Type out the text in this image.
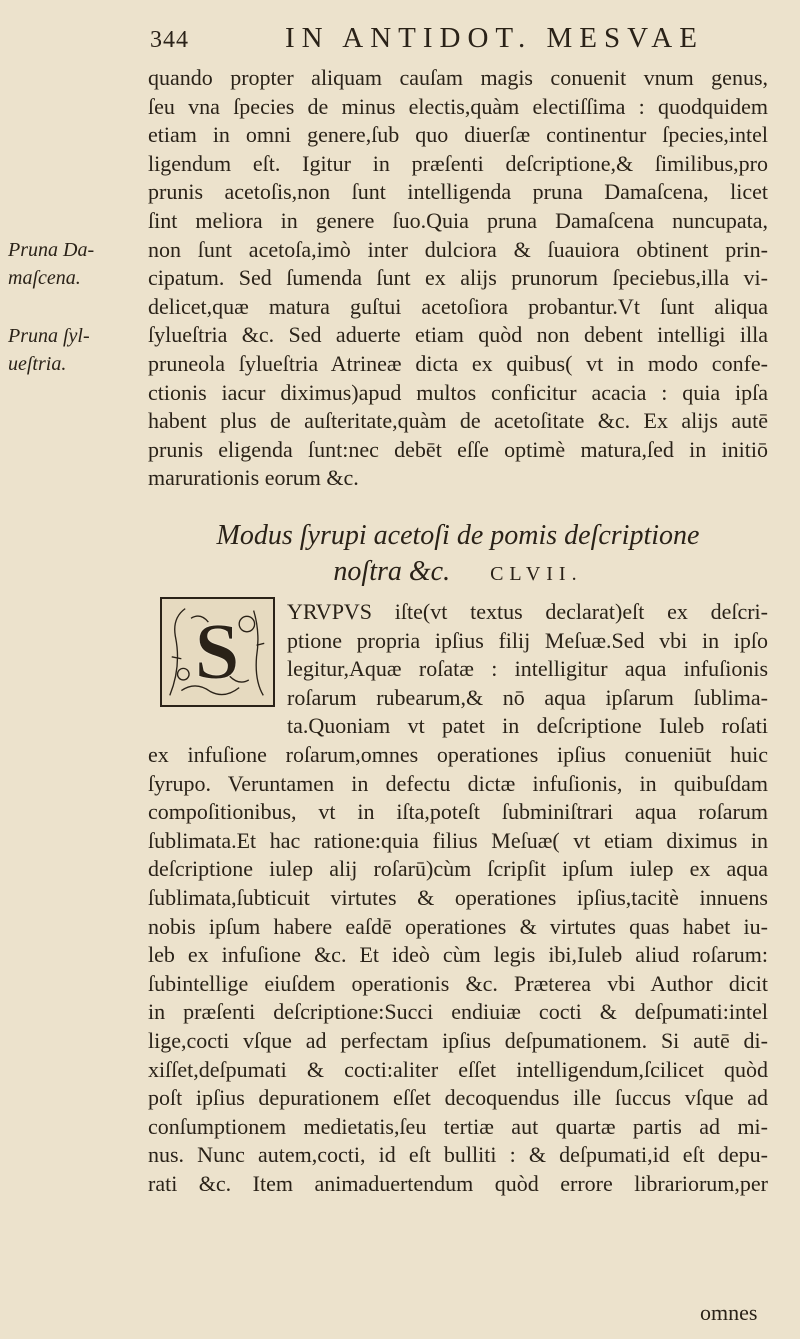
344	IN ANTIDOT. MESVAE
quando propter aliquam cauſam magis conuenit vnum genus,
ſeu vna ſpecies de minus electis,quàm electiſſima : quodquidem
etiam in omni genere,ſub quo diuerſæ continentur ſpecies,intel
ligendum eſt. Igitur in præſenti deſcriptione,& ſimilibus,pro
prunis acetoſis,non ſunt intelligenda pruna Damaſcena, licet
ſint meliora in genere ſuo.Quia pruna Damaſcena nuncupata,
non ſunt acetoſa,imò inter dulciora & ſuauiora obtinent prin-
cipatum. Sed ſumenda ſunt ex alijs prunorum ſpeciebus,illa vi-
delicet,quæ matura guſtui acetoſiora probantur.Vt ſunt aliqua
ſylueſtria &c. Sed aduerte etiam quòd non debent intelligi illa
pruneola ſylueſtria Atrineæ dicta ex quibus( vt in modo confe-
ctionis iacur diximus)apud multos conficitur acacia : quia ipſa
habent plus de auſteritate,quàm de acetoſitate &c. Ex alijs autē
prunis eligenda ſunt:nec debēt eſſe optimè matura,ſed in initiō
marurationis eorum &c.
Pruna Da-
maſcena.
Pruna ſyl-
ueſtria.
Modus ſyrupi acetoſi de pomis deſcriptione
noſtra &c. CLVII.
S YRVPVS iſte(vt textus declarat)eſt ex deſcri-
ptione propria ipſius filij Meſuæ.Sed vbi in ipſo
legitur,Aquæ roſatæ : intelligitur aqua infuſionis
roſarum rubearum,& nō aqua ipſarum ſublima-
ta.Quoniam vt patet in deſcriptione Iuleb roſati
ex infuſione roſarum,omnes operationes ipſius conueniūt huic
ſyrupo. Veruntamen in defectu dictæ infuſionis, in quibuſdam
compoſitionibus, vt in iſta,poteſt ſubminiſtrari aqua roſarum
ſublimata.Et hac ratione:quia filius Meſuæ( vt etiam diximus in
deſcriptione iulep alij roſarū)cùm ſcripſit ipſum iulep ex aqua
ſublimata,ſubticuit virtutes & operationes ipſius,tacitè innuens
nobis ipſum habere eaſdē operationes & virtutes quas habet iu-
leb ex infuſione &c. Et ideò cùm legis ibi,Iuleb aliud roſarum:
ſubintellige eiuſdem operationis &c. Præterea vbi Author dicit
in præſenti deſcriptione:Succi endiuiæ cocti & deſpumati:intel
lige,cocti vſque ad perfectam ipſius deſpumationem. Si autē di-
xiſſet,deſpumati & cocti:aliter eſſet intelligendum,ſcilicet quòd
poſt ipſius depurationem eſſet decoquendus ille ſuccus vſque ad
conſumptionem medietatis,ſeu tertiæ aut quartæ partis ad mi-
nus. Nunc autem,cocti, id eſt bulliti : & deſpumati,id eſt depu-
rati &c. Item animaduertendum quòd errore librariorum,per
omnes
